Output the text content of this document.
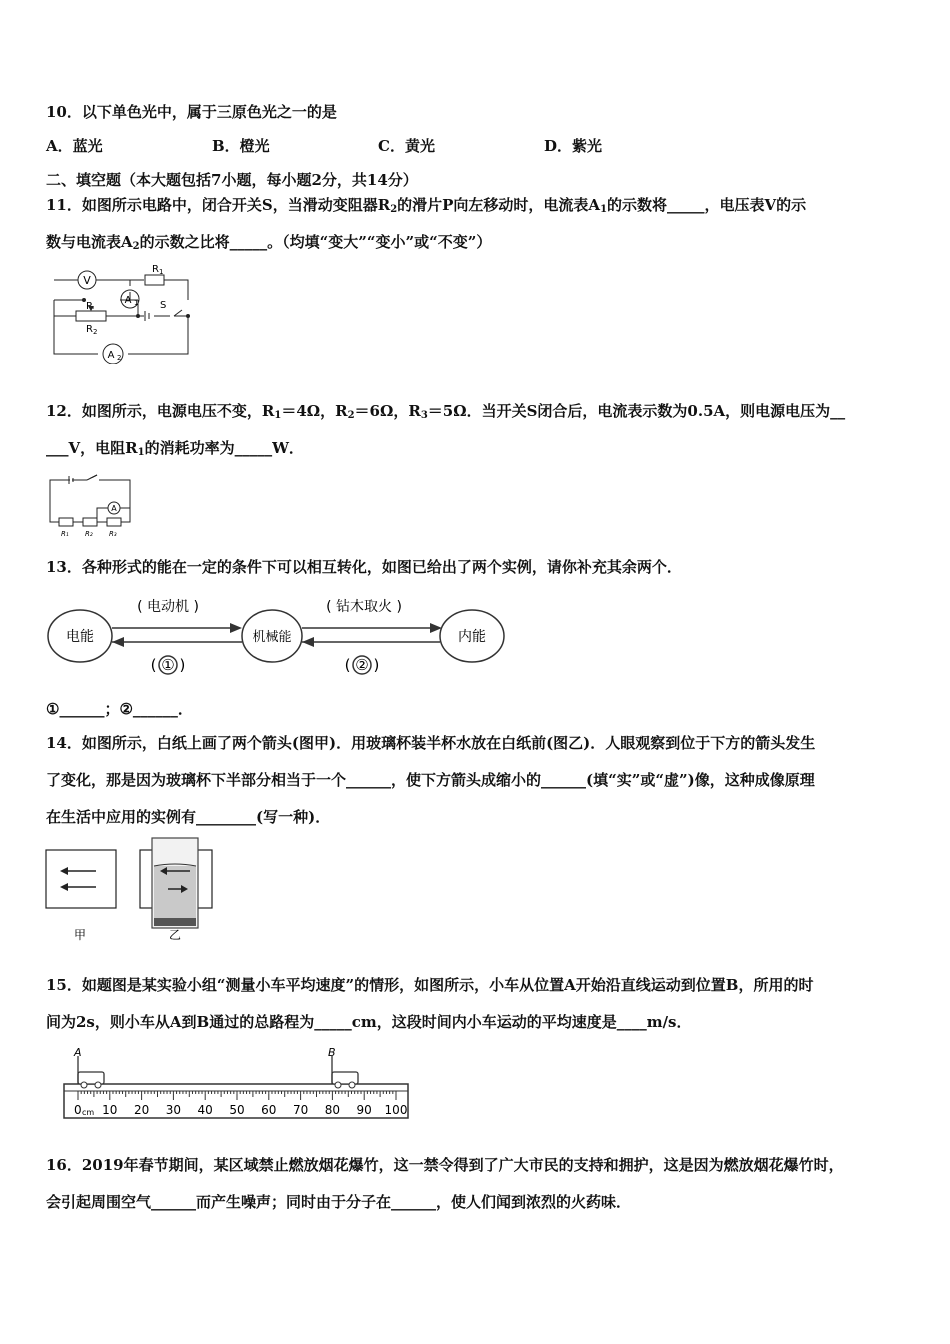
10．以下单色光中，属于三原色光之一的是
A．蓝光	B．橙光	C．黄光	D．紫光
二、填空题（本大题包括7小题，每小题2分，共14分）
11．如图所示电路中，闭合开关S，当滑动变阻器$R_2$的滑片P向左移动时，电流表$A_1$的示数将_____，电压表V的示
数与电流表$A_2$的示数之比将_____。（均填“变大”“变小”或“不变”）
V
A 1
A 2
R 1
P
R 2
S
12．如图所示，电源电压不变，$R_1=4\Omega$，$R_2=6\Omega$，$R_3=5\Omega$．当开关S闭合后，电流表示数为0.5A，则电源电压为__
___V，电阻$R_1$的消耗功率为_____W．
A
R₁ R₂ R₃
13．各种形式的能在一定的条件下可以相互转化，如图已给出了两个实例，请你补充其余两个．
电能	机械能	内能
( 电动机 )	( 钻木取火 )
( ① )	( ② )
①______；②______．
14．如图所示，白纸上画了两个箭头(图甲)．用玻璃杯装半杯水放在白纸前(图乙)．人眼观察到位于下方的箭头发生
了变化，那是因为玻璃杯下半部分相当于一个______，使下方箭头成缩小的______(填“实”或“虚”)像，这种成像原理
在生活中应用的实例有________(写一种)．
甲	乙
15．如题图是某实验小组“测量小车平均速度”的情形，如图所示，小车从位置A开始沿直线运动到位置B，所用的时
间为2s，则小车从A到B通过的总路程为_____cm，这段时间内小车运动的平均速度是____m/s．
A	B
0 10 20 30 40 50 60 70 80 90 100
cm
16．2019年春节期间，某区域禁止燃放烟花爆竹，这一禁令得到了广大市民的支持和拥护，这是因为燃放烟花爆竹时，
会引起周围空气______而产生噪声；同时由于分子在______，使人们闻到浓烈的火药味．
